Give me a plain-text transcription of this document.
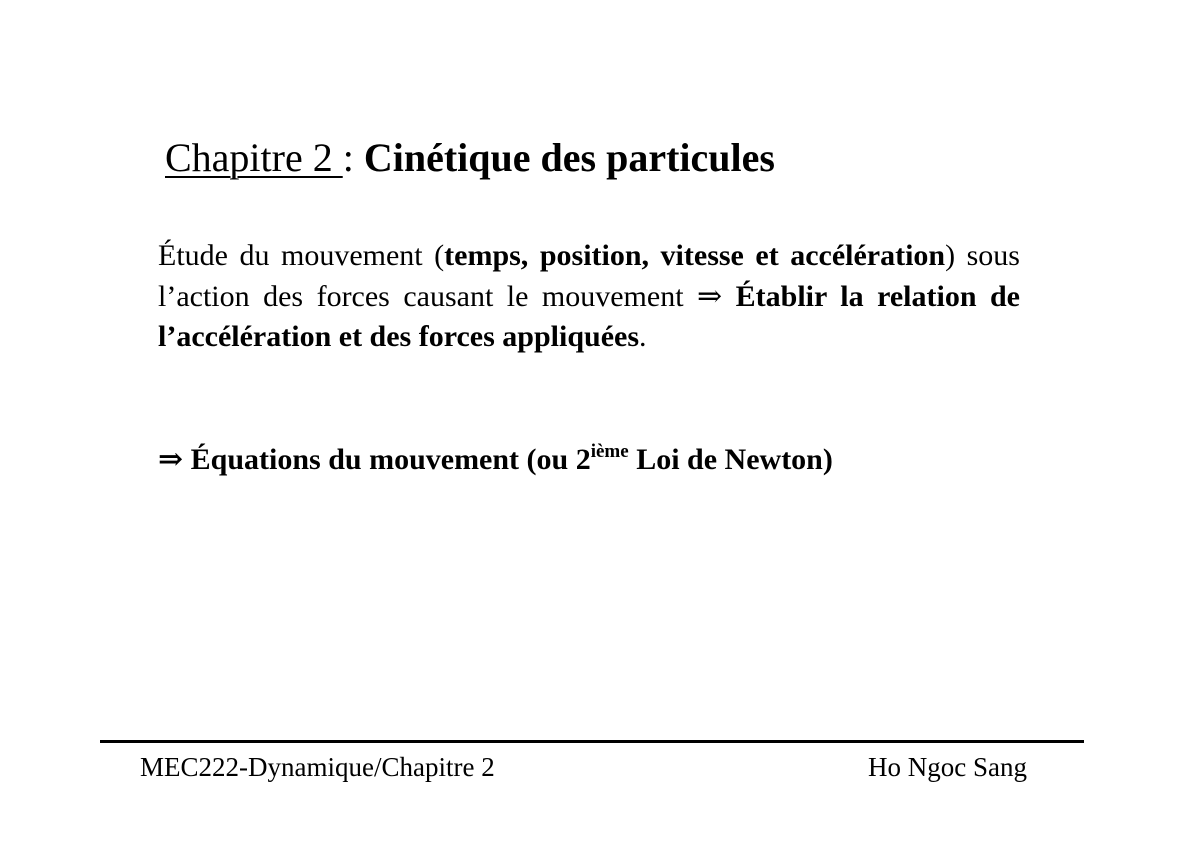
Chapitre 2 : Cinétique des particules
Étude du mouvement (temps, position, vitesse et accélération) sous l’action des forces causant le mouvement ⇒ Établir la relation de l’accélération et des forces appliquées.
⇒ Équations du mouvement (ou 2ième Loi de Newton)
MEC222-Dynamique/Chapitre 2	Ho Ngoc Sang
